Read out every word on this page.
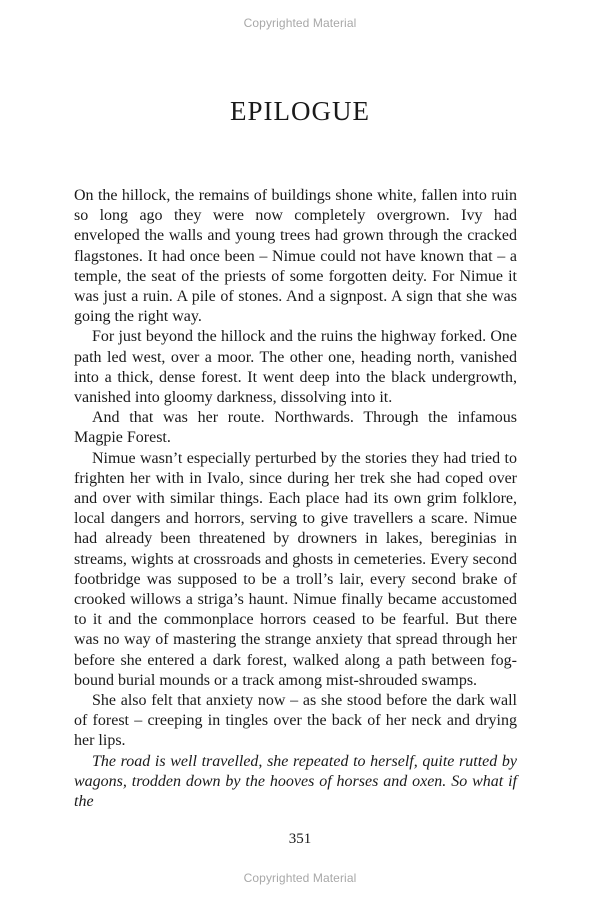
Copyrighted Material
EPILOGUE

On the hillock, the remains of buildings shone white, fallen into ruin so long ago they were now completely overgrown. Ivy had enveloped the walls and young trees had grown through the cracked flagstones. It had once been – Nimue could not have known that – a temple, the seat of the priests of some forgotten deity. For Nimue it was just a ruin. A pile of stones. And a signpost. A sign that she was going the right way.

For just beyond the hillock and the ruins the highway forked. One path led west, over a moor. The other one, heading north, vanished into a thick, dense forest. It went deep into the black undergrowth, vanished into gloomy darkness, dissolving into it.

And that was her route. Northwards. Through the infamous Magpie Forest.

Nimue wasn’t especially perturbed by the stories they had tried to frighten her with in Ivalo, since during her trek she had coped over and over with similar things. Each place had its own grim folklore, local dangers and horrors, serving to give travellers a scare. Nimue had already been threatened by drowners in lakes, bereginias in streams, wights at crossroads and ghosts in cemeteries. Every second footbridge was supposed to be a troll’s lair, every second brake of crooked willows a striga’s haunt. Nimue finally became accustomed to it and the commonplace horrors ceased to be fearful. But there was no way of mastering the strange anxiety that spread through her before she entered a dark forest, walked along a path between fog-bound burial mounds or a track among mist-shrouded swamps.

She also felt that anxiety now – as she stood before the dark wall of forest – creeping in tingles over the back of her neck and drying her lips.

The road is well travelled, she repeated to herself, quite rutted by wagons, trodden down by the hooves of horses and oxen. So what if the

351
Copyrighted Material
